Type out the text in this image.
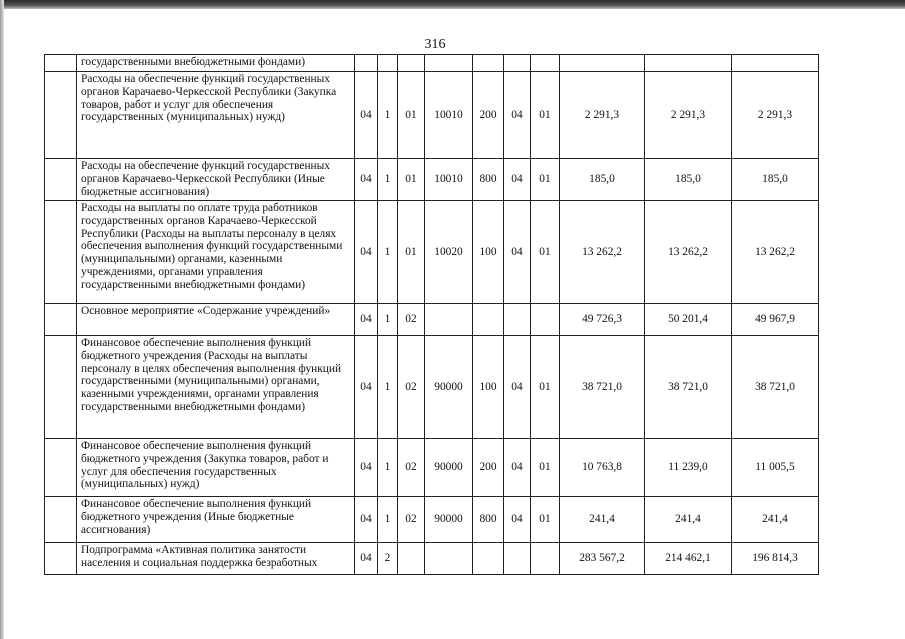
316
	государственными внебюджетными фондами)										
	Расходы на обеспечение функций государственных органов Карачаево-Черкесской Республики (Закупка товаров, работ и услуг для обеспечения государственных (муниципальных) нужд)	04	1	01	10010	200	04	01	2 291,3	2 291,3	2 291,3
	Расходы на обеспечение функций государственных органов Карачаево-Черкесской Республики (Иные бюджетные ассигнования)	04	1	01	10010	800	04	01	185,0	185,0	185,0
	Расходы на выплаты по оплате труда работников государственных органов Карачаево-Черкесской Республики (Расходы на выплаты персоналу в целях обеспечения выполнения функций государственными (муниципальными) органами, казенными учреждениями, органами управления государственными внебюджетными фондами)	04	1	01	10020	100	04	01	13 262,2	13 262,2	13 262,2
	Основное мероприятие «Содержание учреждений»	04	1	02					49 726,3	50 201,4	49 967,9
	Финансовое обеспечение выполнения функций бюджетного учреждения (Расходы на выплаты персоналу в целях обеспечения выполнения функций государственными (муниципальными) органами, казенными учреждениями, органами управления государственными внебюджетными фондами)	04	1	02	90000	100	04	01	38 721,0	38 721,0	38 721,0
	Финансовое обеспечение выполнения функций бюджетного учреждения (Закупка товаров, работ и услуг для обеспечения государственных (муниципальных) нужд)	04	1	02	90000	200	04	01	10 763,8	11 239,0	11 005,5
	Финансовое обеспечение выполнения функций бюджетного учреждения (Иные бюджетные ассигнования)	04	1	02	90000	800	04	01	241,4	241,4	241,4
	Подпрограмма «Активная политика занятости населения и социальная поддержка безработных	04	2						283 567,2	214 462,1	196 814,3
